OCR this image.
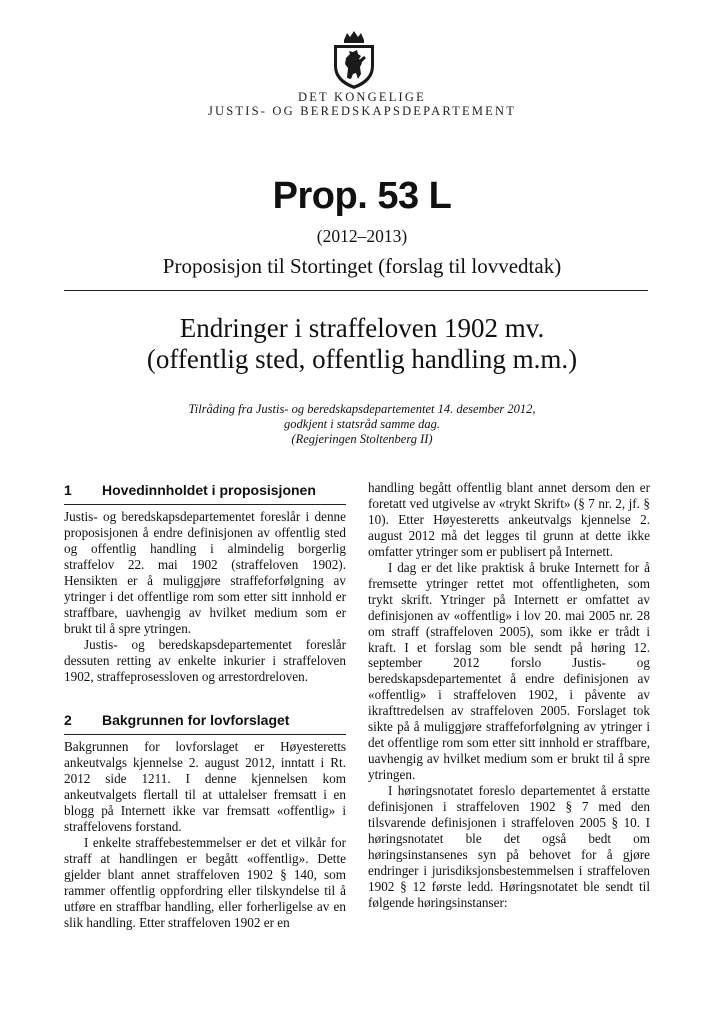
DET KONGELIGE
JUSTIS- OG BEREDSKAPSDEPARTEMENT
Prop. 53 L
(2012–2013)
Proposisjon til Stortinget (forslag til lovvedtak)
Endringer i straffeloven 1902 mv.
(offentlig sted, offentlig handling m.m.)
Tilråding fra Justis- og beredskapsdepartementet 14. desember 2012,
godkjent i statsråd samme dag.
(Regjeringen Stoltenberg II)
1	Hovedinnholdet i proposisjonen

Justis- og beredskapsdepartementet foreslår i denne proposisjonen å endre definisjonen av offentlig sted og offentlig handling i almindelig borgerlig straffelov 22. mai 1902 (straffeloven 1902). Hensikten er å muliggjøre straffeforfølgning av ytringer i det offentlige rom som etter sitt innhold er straffbare, uavhengig av hvilket medium som er brukt til å spre ytringen.

Justis- og beredskapsdepartementet foreslår dessuten retting av enkelte inkurier i straffeloven 1902, straffeprosessloven og arrestordreloven.

2	Bakgrunnen for lovforslaget

Bakgrunnen for lovforslaget er Høyesteretts ankeutvalgs kjennelse 2. august 2012, inntatt i Rt. 2012 side 1211. I denne kjennelsen kom ankeutvalgets flertall til at uttalelser fremsatt i en blogg på Internett ikke var fremsatt «offentlig» i straffelovens forstand.

I enkelte straffebestemmelser er det et vilkår for straff at handlingen er begått «offentlig». Dette gjelder blant annet straffeloven 1902 § 140, som rammer offentlig oppfordring eller tilskyndelse til å utføre en straffbar handling, eller forherligelse av en slik handling. Etter straffeloven 1902 er en

handling begått offentlig blant annet dersom den er foretatt ved utgivelse av «trykt Skrift» (§ 7 nr. 2, jf. § 10). Etter Høyesteretts ankeutvalgs kjennelse 2. august 2012 må det legges til grunn at dette ikke omfatter ytringer som er publisert på Internett.

I dag er det like praktisk å bruke Internett for å fremsette ytringer rettet mot offentligheten, som trykt skrift. Ytringer på Internett er omfattet av definisjonen av «offentlig» i lov 20. mai 2005 nr. 28 om straff (straffeloven 2005), som ikke er trådt i kraft. I et forslag som ble sendt på høring 12. september 2012 forslo Justis- og beredskapsdepartementet å endre definisjonen av «offentlig» i straffeloven 1902, i påvente av ikrafttredelsen av straffeloven 2005. Forslaget tok sikte på å muliggjøre straffeforfølgning av ytringer i det offentlige rom som etter sitt innhold er straffbare, uavhengig av hvilket medium som er brukt til å spre ytringen.

I høringsnotatet foreslo departementet å erstatte definisjonen i straffeloven 1902 § 7 med den tilsvarende definisjonen i straffeloven 2005 § 10. I høringsnotatet ble det også bedt om høringsinstansenes syn på behovet for å gjøre endringer i jurisdiksjonsbestemmelsen i straffeloven 1902 § 12 første ledd. Høringsnotatet ble sendt til følgende høringsinstanser:
